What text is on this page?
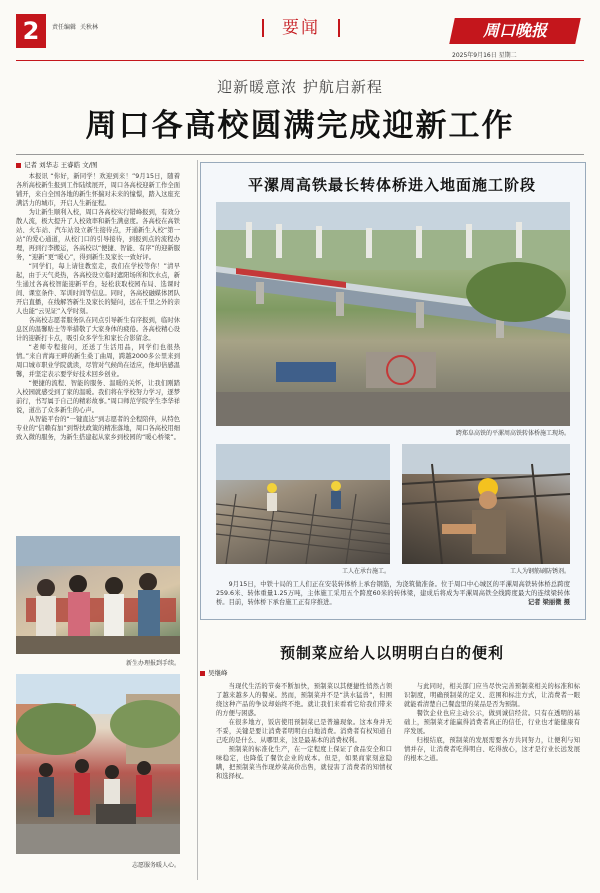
2	责任编辑 关秋林	要闻	周口晚报
2025年9月16日 星期二
迎新暖意浓 护航启新程
周口各高校圆满完成迎新工作
记者 刘华志 王睿皓 文/图

本报讯 “你好，新同学！欢迎到来！”9月15日，随着各所高校新生报到工作陆续展开，周口各高校迎新工作全面铺开，来自全国各地的新生怀揣对未来的憧憬，踏入这座充满活力的城市，开启人生新征程。

为让新生顺利入校，周口各高校实行错峰报到，有效分散人流，极大提升了人校效率和新生满意度。各高校在高铁站、火车站、汽车站设立新生接待点，开通新生入校“第一站”的爱心通道，从校门口的引导接待，到报到点的流程办理，再到行李搬运，各高校以“便捷、智能、有序”的迎新服务，“迎新”更“暖心”，得到新生及家长一致好评。

“同学们，每上请往教室走，我们在学校等你！”清早起，由于天气炎热，各高校设立临时遮阳场所和饮水点，新生通过各高校智能迎新平台，轻松获取校园布局、选课时间、课室条件、军训时间等信息。同时，各高校融媒体团队开启直播，在线解答新生及家长的疑问，远在千里之外的亲人也能“云见证”入学时刻。

各高校志愿者服务队在同点引导新生有序报到，临时休息区的温馨贴士等举措敬了大家身体的疲倦。各高校精心设计的迎新打卡点，吸引众多学生和家长合影留念。

“老师专程接问，还送了生活用品，同学们也很热情。”来自青海王畔的新生桑丁曲周，跨越2000多公里来到周口城市职业学院就读，尽管对气候尚在适应，他却倍感温馨，并坚定表示要学好技术回乡创业。

“便捷的流程、智能的服务、温暖的关怀，让我们刚踏入校园就感受到了家的温暖。我们将在学校努力学习，逐梦前行，书写属于自己的精彩故事。”周口师范学院学生李华祥说，道出了众多新生的心声。

从智能平台的“一键直达”到志愿者的全程陪伴，从特色专业的“信赖有加”到帮扶政策的精准落地，周口各高校用细致入微的服务，为新生搭建起从家乡到校园的“暖心桥梁”。

新生办理报到手续。
志愿服务暖人心。
平漯周高铁最长转体桥进入地面施工阶段
跨郑阜高铁的平漯周高铁转体桥施工现场。
工人在承台施工。	工人为钢筋刷防锈剂。
9月15日，中铁十局的工人们正在安装转体桥上承台钢筋，为浇筑做准备。位于周口中心城区的平漯周高铁转体桥总跨度259.6米、转体重量1.25万吨，主体施工采用五个跨度60米的转体梁，建成后将成为平漯周高铁全线跨度最大的连续梁转体桥。目前，转体桥下承台施工正有序推进。	记者 梁丽微 摄
预制菜应给人以明明白白的便利
吴继峰

当现代生活的节奏不断加快，预制菜以其便捷性悄然占领了越来越多人的餐桌。然而，预制菜并不是“洪水猛兽”，但围绕这种产品的争议却始终不绝。就让我们来看看它给我们带来的方便与困惑。

在很多地方，饭店使用预制菜已是普遍现象。这本身并无不妥，关键是要让消费者明明白白地消费。消费者有权知道自己吃的是什么、从哪里来，这是最基本的消费权利。

预制菜的标准化生产，在一定程度上保证了食品安全和口味稳定，也降低了餐饮企业的成本。但是，如果商家刻意隐瞒，把预制菜当作现炒菜高价出售，就侵害了消费者的知情权和选择权。

与此同时，相关部门应当尽快完善预制菜相关的标准和标识制度，明确预制菜的定义、范围和标注方式，让消费者一眼就能看清楚自己餐盘里的菜品是否为预制。

餐饮企业也应主动公示，做到诚信经营。只有在透明的基础上，预制菜才能赢得消费者真正的信任，行业也才能健康有序发展。

归根结底，预制菜的发展需要各方共同努力，让便利与知情并存，让消费者吃得明白、吃得放心，这才是行业长远发展的根本之道。
